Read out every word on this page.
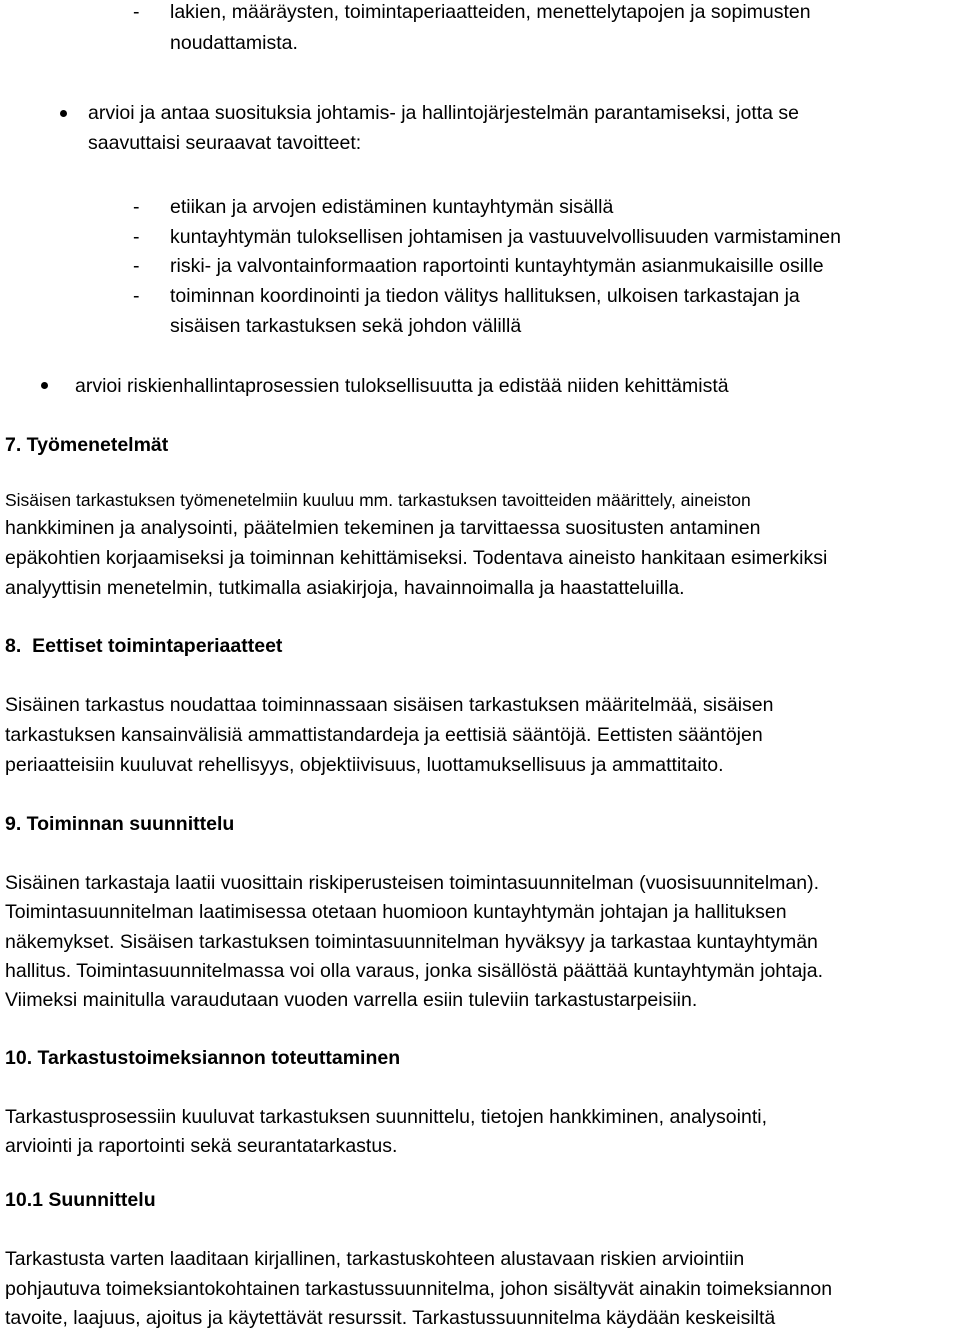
- lakien, määräysten, toimintaperiaatteiden, menettelytapojen ja sopimusten
noudattamista.
arvioi ja antaa suosituksia johtamis- ja hallintojärjestelmän parantamiseksi, jotta se
saavuttaisi seuraavat tavoitteet:
- etiikan ja arvojen edistäminen kuntayhtymän sisällä
- kuntayhtymän tuloksellisen johtamisen ja vastuuvelvollisuuden varmistaminen
- riski- ja valvontainformaation raportointi kuntayhtymän asianmukaisille osille
- toiminnan koordinointi ja tiedon välitys hallituksen, ulkoisen tarkastajan ja
sisäisen tarkastuksen sekä johdon välillä
arvioi riskienhallintaprosessien tuloksellisuutta ja edistää niiden kehittämistä
7. Työmenetelmät
Sisäisen tarkastuksen työmenetelmiin kuuluu mm. tarkastuksen tavoitteiden määrittely, aineiston
hankkiminen ja analysointi, päätelmien tekeminen ja tarvittaessa suositusten antaminen
epäkohtien korjaamiseksi ja toiminnan kehittämiseksi. Todentava aineisto hankitaan esimerkiksi
analyyttisin menetelmin, tutkimalla asiakirjoja, havainnoimalla ja haastatteluilla.
8.  Eettiset toimintaperiaatteet
Sisäinen tarkastus noudattaa toiminnassaan sisäisen tarkastuksen määritelmää, sisäisen
tarkastuksen kansainvälisiä ammattistandardeja ja eettisiä sääntöjä. Eettisten sääntöjen
periaatteisiin kuuluvat rehellisyys, objektiivisuus, luottamuksellisuus ja ammattitaito.
9. Toiminnan suunnittelu
Sisäinen tarkastaja laatii vuosittain riskiperusteisen toimintasuunnitelman (vuosisuunnitelman).
Toimintasuunnitelman laatimisessa otetaan huomioon kuntayhtymän johtajan ja hallituksen
näkemykset. Sisäisen tarkastuksen toimintasuunnitelman hyväksyy ja tarkastaa kuntayhtymän
hallitus. Toimintasuunnitelmassa voi olla varaus, jonka sisällöstä päättää kuntayhtymän johtaja.
Viimeksi mainitulla varaudutaan vuoden varrella esiin tuleviin tarkastustarpeisiin.
10. Tarkastustoimeksiannon toteuttaminen
Tarkastusprosessiin kuuluvat tarkastuksen suunnittelu, tietojen hankkiminen, analysointi,
arviointi ja raportointi sekä seurantatarkastus.
10.1 Suunnittelu
Tarkastusta varten laaditaan kirjallinen, tarkastuskohteen alustavaan riskien arviointiin
pohjautuva toimeksiantokohtainen tarkastussuunnitelma, johon sisältyvät ainakin toimeksiannon
tavoite, laajuus, ajoitus ja käytettävät resurssit. Tarkastussuunnitelma käydään keskeisiltä
